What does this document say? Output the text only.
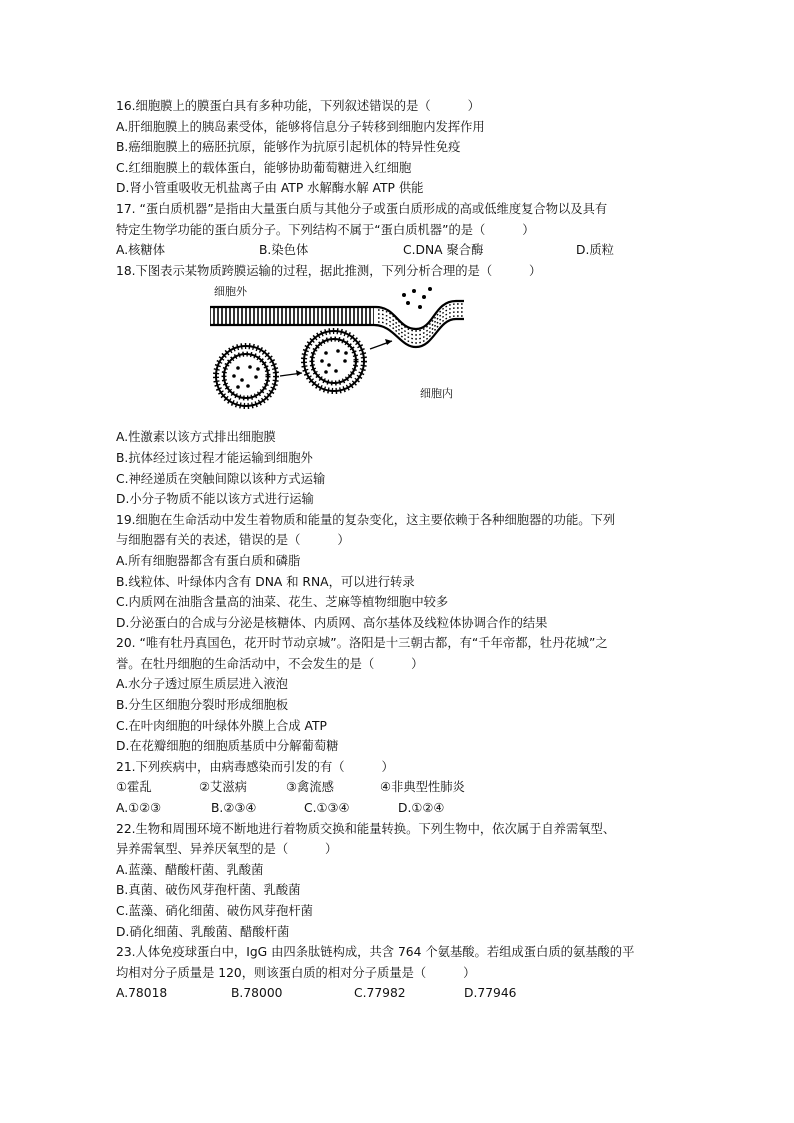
16.细胞膜上的膜蛋白具有多种功能，下列叙述错误的是（　　　）
A.肝细胞膜上的胰岛素受体，能够将信息分子转移到细胞内发挥作用
B.癌细胞膜上的癌胚抗原，能够作为抗原引起机体的特异性免疫
C.红细胞膜上的载体蛋白，能够协助葡萄糖进入红细胞
D.肾小管重吸收无机盐离子由 ATP 水解酶水解 ATP 供能
17. “蛋白质机器”是指由大量蛋白质与其他分子或蛋白质形成的高或低维度复合物以及具有
特定生物学功能的蛋白质分子。下列结构不属于“蛋白质机器”的是（　　　）
A.核糖体	B.染色体	C.DNA 聚合酶	D.质粒
18.下图表示某物质跨膜运输的过程，据此推测，下列分析合理的是（　　　）
细胞外
细胞内
A.性激素以该方式排出细胞膜
B.抗体经过该过程才能运输到细胞外
C.神经递质在突触间隙以该种方式运输
D.小分子物质不能以该方式进行运输
19.细胞在生命活动中发生着物质和能量的复杂变化，这主要依赖于各种细胞器的功能。下列
与细胞器有关的表述，错误的是（　　　）
A.所有细胞器都含有蛋白质和磷脂
B.线粒体、叶绿体内含有 DNA 和 RNA，可以进行转录
C.内质网在油脂含量高的油菜、花生、芝麻等植物细胞中较多
D.分泌蛋白的合成与分泌是核糖体、内质网、高尔基体及线粒体协调合作的结果
20. “唯有牡丹真国色，花开时节动京城”。洛阳是十三朝古都，有“千年帝都，牡丹花城”之
誉。在牡丹细胞的生命活动中，不会发生的是（　　　）
A.水分子透过原生质层进入液泡
B.分生区细胞分裂时形成细胞板
C.在叶肉细胞的叶绿体外膜上合成 ATP
D.在花瓣细胞的细胞质基质中分解葡萄糖
21.下列疾病中，由病毒感染而引发的有（　　　）
①霍乱	②艾滋病	③禽流感	④非典型性肺炎
A.①②③	B.②③④	C.①③④	D.①②④
22.生物和周围环境不断地进行着物质交换和能量转换。下列生物中，依次属于自养需氧型、
异养需氧型、异养厌氧型的是（　　　）
A.蓝藻、醋酸杆菌、乳酸菌
B.真菌、破伤风芽孢杆菌、乳酸菌
C.蓝藻、硝化细菌、破伤风芽孢杆菌
D.硝化细菌、乳酸菌、醋酸杆菌
23.人体免疫球蛋白中，IgG 由四条肽链构成，共含 764 个氨基酸。若组成蛋白质的氨基酸的平
均相对分子质量是 120，则该蛋白质的相对分子质量是（　　　）
A.78018	B.78000	C.77982	D.77946
